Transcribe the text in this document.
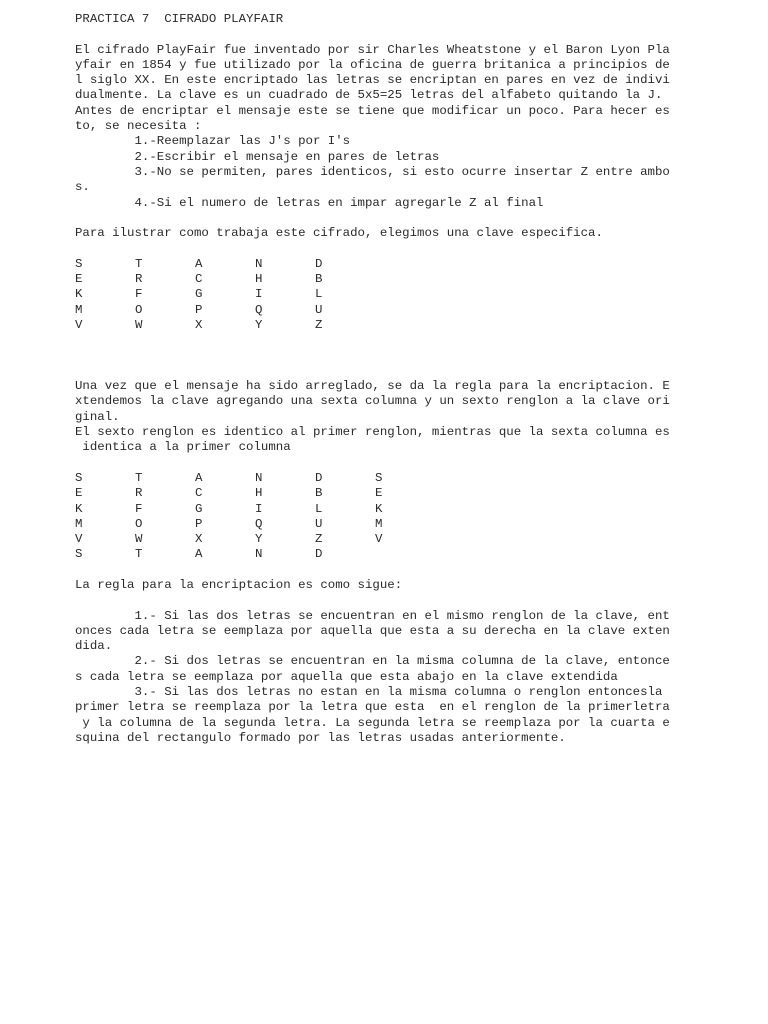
PRACTICA 7  CIFRADO PLAYFAIR
El cifrado PlayFair fue inventado por sir Charles Wheatstone y el Baron Lyon Pla
yfair en 1854 y fue utilizado por la oficina de guerra britanica a principios de
l siglo XX. En este encriptado las letras se encriptan en pares en vez de indivi
dualmente. La clave es un cuadrado de 5x5=25 letras del alfabeto quitando la J.
Antes de encriptar el mensaje este se tiene que modificar un poco. Para hecer es
to, se necesita :
1.-Reemplazar las J's por I's
2.-Escribir el mensaje en pares de letras
3.-No se permiten, pares identicos, si esto ocurre insertar Z entre ambo
s.
4.-Si el numero de letras en impar agregarle Z al final
Para ilustrar como trabaja este cifrado, elegimos una clave especifica.
S	T	A	N	D
E	R	C	H	B
K	F	G	I	L
M	O	P	Q	U
V	W	X	Y	Z
Una vez que el mensaje ha sido arreglado, se da la regla para la encriptacion. E
xtendemos la clave agregando una sexta columna y un sexto renglon a la clave ori
ginal.
El sexto renglon es identico al primer renglon, mientras que la sexta columna es
identica a la primer columna
S	T	A	N	D	S
E	R	C	H	B	E
K	F	G	I	L	K
M	O	P	Q	U	M
V	W	X	Y	Z	V
S	T	A	N	D
La regla para la encriptacion es como sigue:
1.- Si las dos letras se encuentran en el mismo renglon de la clave, ent
onces cada letra se eemplaza por aquella que esta a su derecha en la clave exten
dida.
2.- Si dos letras se encuentran en la misma columna de la clave, entonce
s cada letra se eemplaza por aquella que esta abajo en la clave extendida
3.- Si las dos letras no estan en la misma columna o renglon entoncesla
primer letra se reemplaza por la letra que esta  en el renglon de la primerletra
y la columna de la segunda letra. La segunda letra se reemplaza por la cuarta e
squina del rectangulo formado por las letras usadas anteriormente.
